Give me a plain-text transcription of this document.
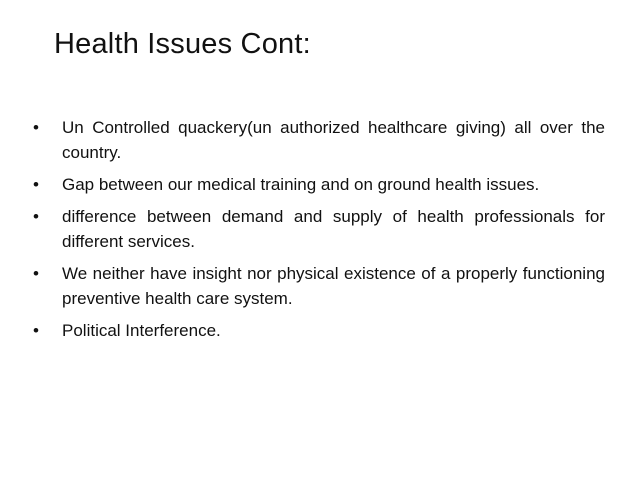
Health Issues Cont:
• Un Controlled quackery(un authorized healthcare giving) all over the country.
• Gap between our medical training and on ground health issues.
• difference between demand and supply of health professionals for different services.
• We neither have insight nor physical existence of a properly functioning preventive health care system.
• Political Interference.
